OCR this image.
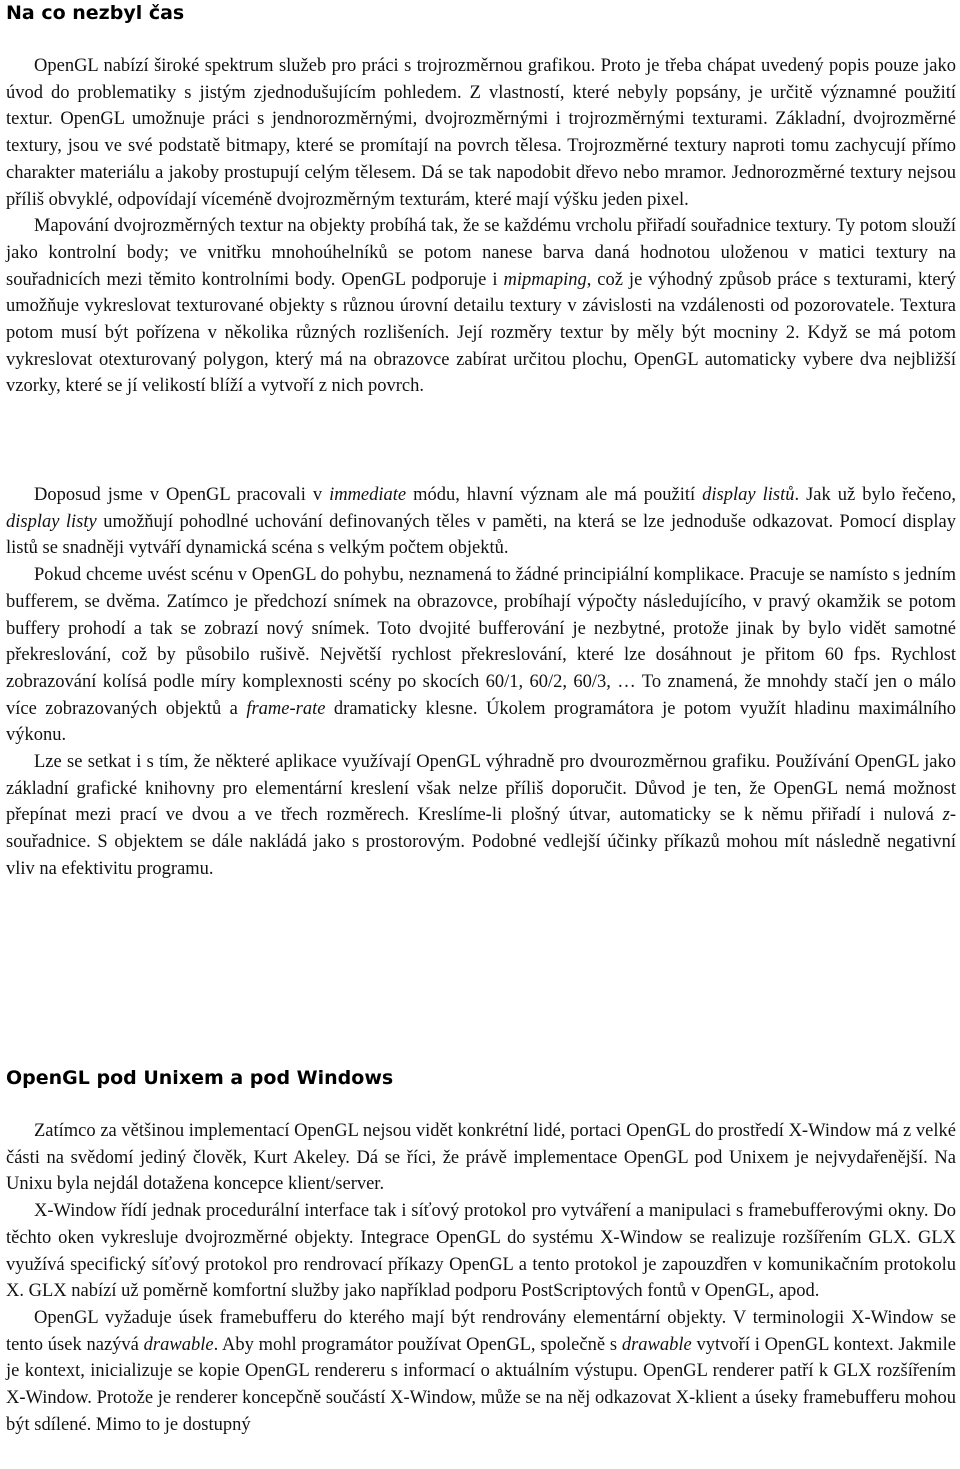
Na co nezbyl čas

OpenGL nabízí široké spektrum služeb pro práci s trojrozměrnou grafikou. Proto je třeba chápat uvedený popis pouze jako úvod do problematiky s jistým zjednodušujícím pohledem. Z vlastností, které nebyly popsány, je určitě významné použití textur. OpenGL umožnuje práci s jendnorozměrnými, dvojrozměrnými i trojrozměrnými texturami. Základní, dvojrozměrné textury, jsou ve své podstatě bitmapy, které se promítají na povrch tělesa. Trojrozměrné textury naproti tomu zachycují přímo charakter materiálu a jakoby prostupují celým tělesem. Dá se tak napodobit dřevo nebo mramor. Jednorozměrné textury nejsou příliš obvyklé, odpovídají víceméně dvojrozměrným texturám, které mají výšku jeden pixel.

Mapování dvojrozměrných textur na objekty probíhá tak, že se každému vrcholu přiřadí souřadnice textury. Ty potom slouží jako kontrolní body; ve vnitřku mnohoúhelníků se potom nanese barva daná hodnotou uloženou v matici textury na souřadnicích mezi těmito kontrolními body. OpenGL podporuje i mipmaping, což je výhodný způsob práce s texturami, který umožňuje vykreslovat texturované objekty s různou úrovní detailu textury v závislosti na vzdálenosti od pozorovatele. Textura potom musí být pořízena v několika různých rozlišeních. Její rozměry textur by měly být mocniny 2. Když se má potom vykreslovat otexturovaný polygon, který má na obrazovce zabírat určitou plochu, OpenGL automaticky vybere dva nejbližší vzorky, které se jí velikostí blíží a vytvoří z nich povrch.

Doposud jsme v OpenGL pracovali v immediate módu, hlavní význam ale má použití display listů. Jak už bylo řečeno, display listy umožňují pohodlné uchování definovaných těles v paměti, na která se lze jednoduše odkazovat. Pomocí display listů se snadněji vytváří dynamická scéna s velkým počtem objektů.

Pokud chceme uvést scénu v OpenGL do pohybu, neznamená to žádné principiální komplikace. Pracuje se namísto s jedním bufferem, se dvěma. Zatímco je předchozí snímek na obrazovce, probíhají výpočty následujícího, v pravý okamžik se potom buffery prohodí a tak se zobrazí nový snímek. Toto dvojité bufferování je nezbytné, protože jinak by bylo vidět samotné překreslování, což by působilo rušivě. Největší rychlost překreslování, které lze dosáhnout je přitom 60 fps. Rychlost zobrazování kolísá podle míry komplexnosti scény po skocích 60/1, 60/2, 60/3, … To znamená, že mnohdy stačí jen o málo více zobrazovaných objektů a frame-rate dramaticky klesne. Úkolem programátora je potom využít hladinu maximálního výkonu.

Lze se setkat i s tím, že některé aplikace využívají OpenGL výhradně pro dvourozměrnou grafiku. Používání OpenGL jako základní grafické knihovny pro elementární kreslení však nelze příliš doporučit. Důvod je ten, že OpenGL nemá možnost přepínat mezi prací ve dvou a ve třech rozměrech. Kreslíme-li plošný útvar, automaticky se k němu přiřadí i nulová z-souřadnice. S objektem se dále nakládá jako s prostorovým. Podobné vedlejší účinky příkazů mohou mít následně negativní vliv na efektivitu programu.

OpenGL pod Unixem a pod Windows

Zatímco za většinou implementací OpenGL nejsou vidět konkrétní lidé, portaci OpenGL do prostředí X-Window má z velké části na svědomí jediný člověk, Kurt Akeley. Dá se říci, že právě implementace OpenGL pod Unixem je nejvydařenější. Na Unixu byla nejdál dotažena koncepce klient/server.

X-Window řídí jednak procedurální interface tak i síťový protokol pro vytváření a manipulaci s framebufferovými okny. Do těchto oken vykresluje dvojrozměrné objekty. Integrace OpenGL do systému X-Window se realizuje rozšířením GLX. GLX využívá specifický síťový protokol pro rendrovací příkazy OpenGL a tento protokol je zapouzdřen v komunikačním protokolu X. GLX nabízí už poměrně komfortní služby jako například podporu PostScriptových fontů v OpenGL, apod.

OpenGL vyžaduje úsek framebufferu do kterého mají být rendrovány elementární objekty. V terminologii X-Window se tento úsek nazývá drawable. Aby mohl programátor používat OpenGL, společně s drawable vytvoří i OpenGL kontext. Jakmile je kontext, inicializuje se kopie OpenGL rendereru s informací o aktuálním výstupu. OpenGL renderer patří k GLX rozšířením X-Window. Protože je renderer koncepčně součástí X-Window, může se na něj odkazovat X-klient a úseky framebufferu mohou být sdílené. Mimo to je dostupný
